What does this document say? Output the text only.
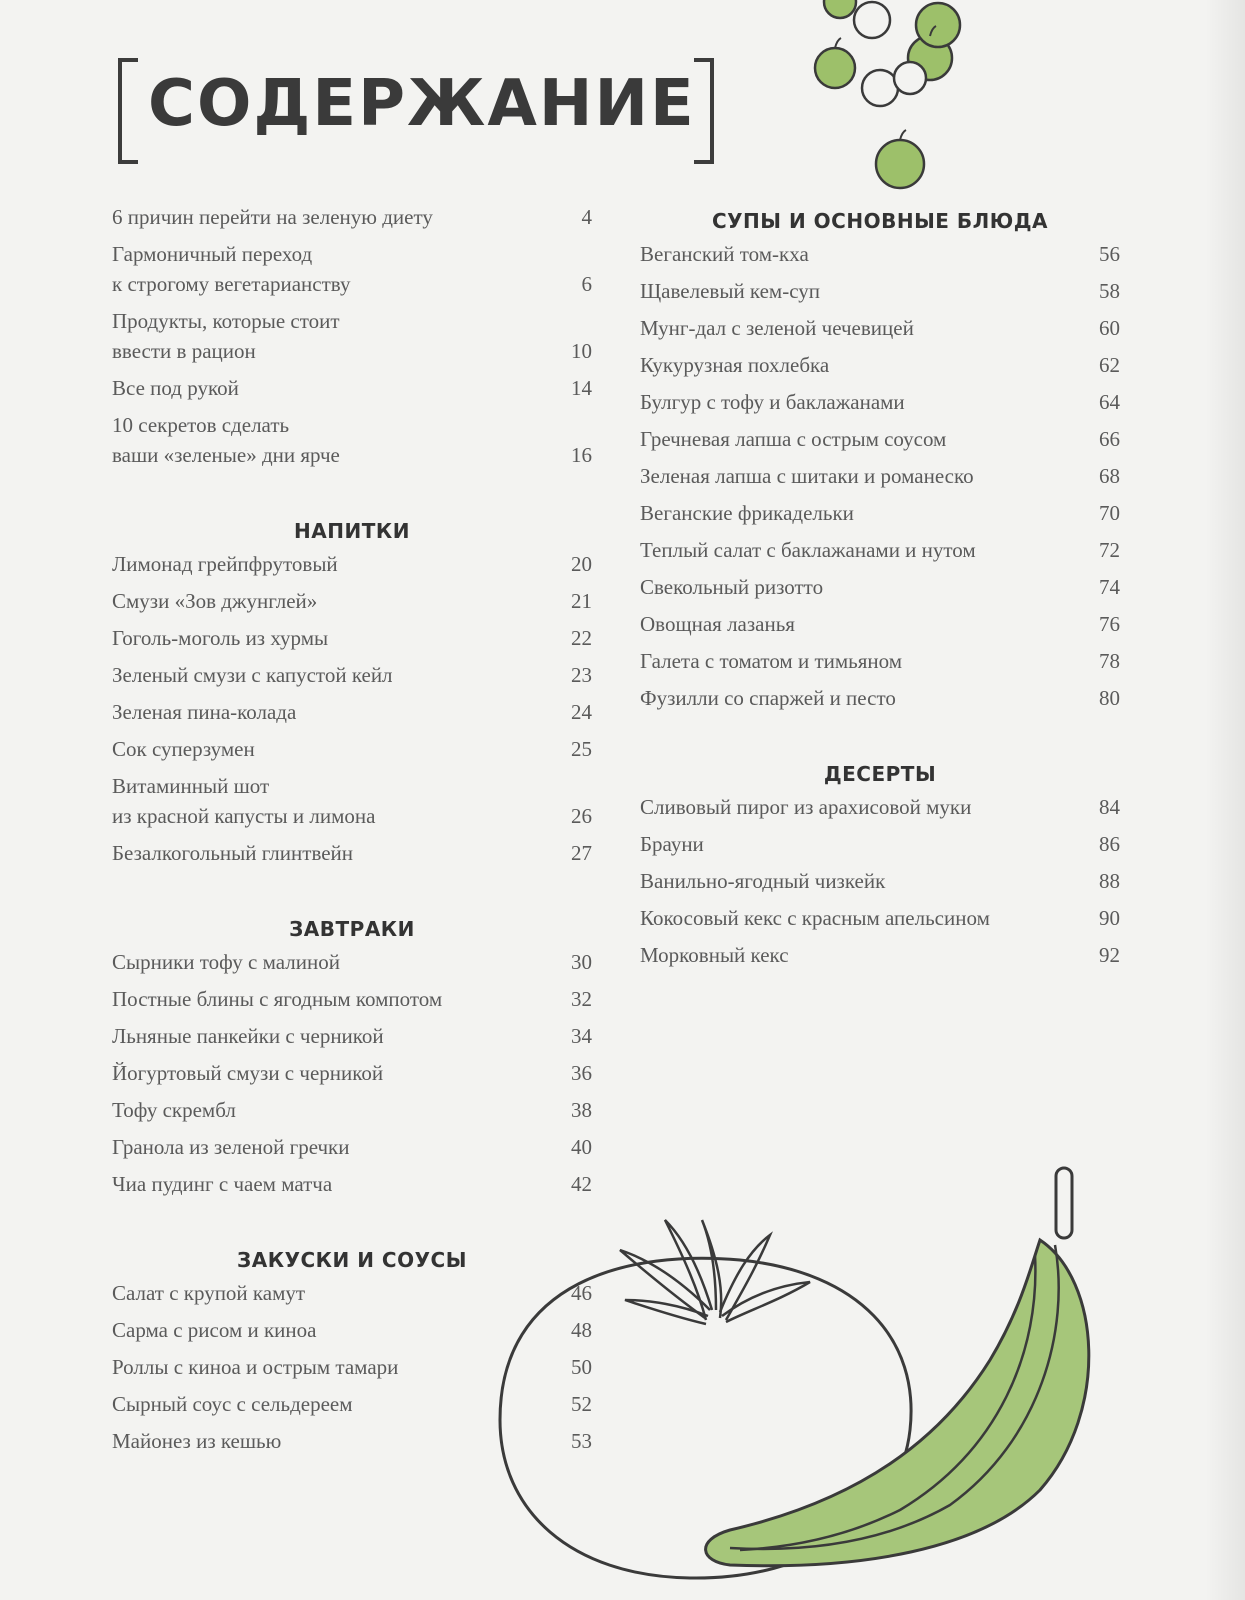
СОДЕРЖАНИЕ
6 причин перейти на зеленую диету	4
Гармоничный переход
к строгому вегетарианству	6
Продукты, которые стоит
ввести в рацион	10
Все под рукой	14
10 секретов сделать
ваши «зеленые» дни ярче	16
НАПИТКИ
Лимонад грейпфрутовый	20
Смузи «Зов джунглей»	21
Гоголь-моголь из хурмы	22
Зеленый смузи с капустой кейл	23
Зеленая пина-колада	24
Сок суперзумен	25
Витаминный шот
из красной капусты и лимона	26
Безалкогольный глинтвейн	27
ЗАВТРАКИ
Сырники тофу с малиной	30
Постные блины с ягодным компотом	32
Льняные панкейки с черникой	34
Йогуртовый смузи с черникой	36
Тофу скрембл	38
Гранола из зеленой гречки	40
Чиа пудинг с чаем матча	42
ЗАКУСКИ И СОУСЫ
Салат с крупой камут	46
Сарма с рисом и киноа	48
Роллы с киноа и острым тамари	50
Сырный соус с сельдереем	52
Майонез из кешью	53
СУПЫ И ОСНОВНЫЕ БЛЮДА
Веганский том-кха	56
Щавелевый кем-суп	58
Мунг-дал с зеленой чечевицей	60
Кукурузная похлебка	62
Булгур с тофу и баклажанами	64
Гречневая лапша с острым соусом	66
Зеленая лапша с шитаки и романеско	68
Веганские фрикадельки	70
Теплый салат с баклажанами и нутом	72
Свекольный ризотто	74
Овощная лазанья	76
Галета с томатом и тимьяном	78
Фузилли со спаржей и песто	80
ДЕСЕРТЫ
Сливовый пирог из арахисовой муки	84
Брауни	86
Ванильно-ягодный чизкейк	88
Кокосовый кекс с красным апельсином	90
Морковный кекс	92
